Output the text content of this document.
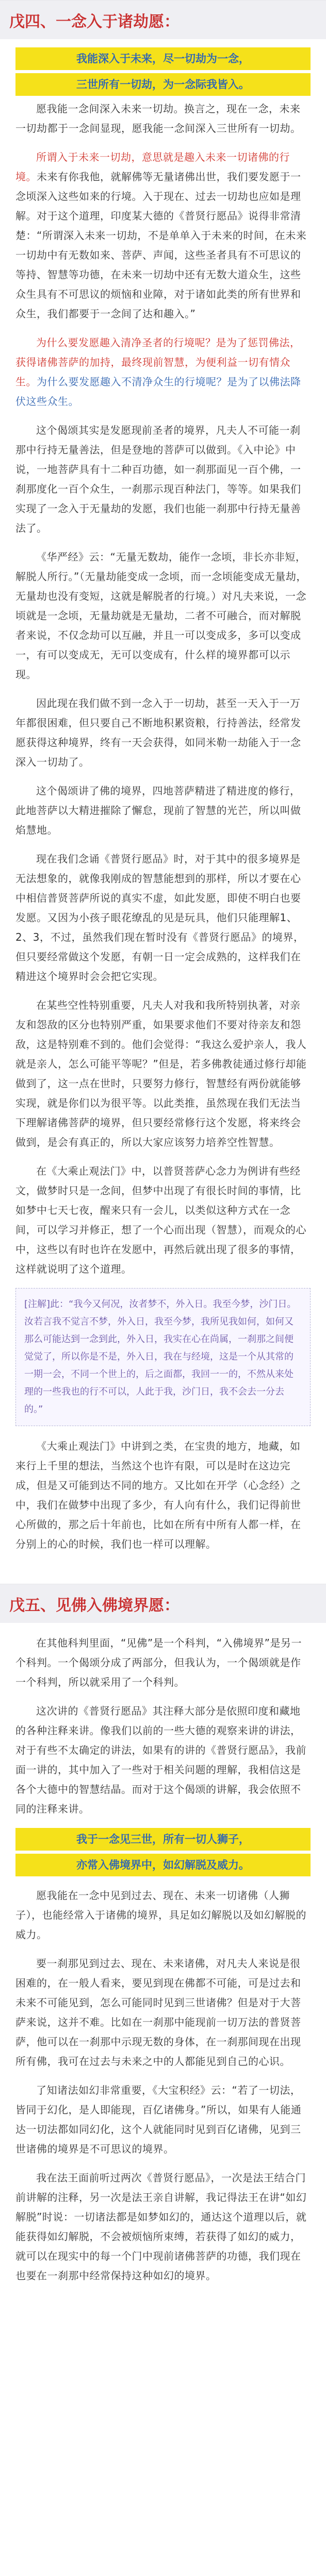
戊四、一念入于诸劫愿：
我能深入于未来，尽一切劫为一念，
三世所有一切劫，为一念际我皆入。

愿我能一念间深入未来一切劫。换言之，现在一念，未来一切劫都于一念间显现，愿我能一念间深入三世所有一切劫。

所谓入于未来一切劫，意思就是趣入未来一切诸佛的行境。未来有你我他，就解佛等无量诸佛出世，我们要发愿于一念顷深入这些如来的行境。入于现在、过去一切劫也应如是理解。对于这个道理，印度某大德的《普贤行愿品》说得非常清楚：“所谓深入未来一切劫，不是单单入于未来的时间，在未来一切劫中有无数如来、菩萨、声闻，这些圣者具有不可思议的等持、智慧等功德，在未来一切劫中还有无数大道众生，这些众生具有不可思议的烦恼和业障，对于诸如此类的所有世界和众生，我们都要于一念间了达和趣入。”

为什么要发愿趣入清净圣者的行境呢？是为了惩罚佛法，获得诸佛菩萨的加持，最终现前智慧，为便利益一切有情众生。为什么要发愿趣入不清净众生的行境呢？是为了以佛法降伏这些众生。

这个偈颂其实是发愿现前圣者的境界，凡夫人不可能一刹那中行持无量善法，但是登地的菩萨可以做到。《入中论》中说，一地菩萨具有十二种百功德，如一刹那面见一百个佛，一刹那度化一百个众生，一刹那示现百种法门，等等。如果我们实现了一念入于无量劫的发愿，我们也能一刹那中行持无量善法了。

《华严经》云：“无量无数劫，能作一念顷，非长亦非短，解脱人所行。”（无量劫能变成一念顷，而一念顷能变成无量劫，无量劫也没有变短，这就是解脱者的行境。）对凡夫来说，一念顷就是一念顷，无量劫就是无量劫，二者不可融合，而对解脱者来说，不仅念劫可以互融，并且一可以变成多，多可以变成一，有可以变成无，无可以变成有，什么样的境界都可以示现。

因此现在我们做不到一念入于一切劫，甚至一天入于一万年都很困难，但只要自己不断地积累资粮，行持善法，经常发愿获得这种境界，终有一天会获得，如同米勒一劫能入于一念深入一切劫了。

这个偈颂讲了佛的境界，四地菩萨精进了精进度的修行，此地菩萨以大精进摧除了懈怠，现前了智慧的光芒，所以叫做焰慧地。

现在我们念诵《普贤行愿品》时，对于其中的很多境界是无法想象的，就像我刚成的智慧能想到的那样，所以才要在心中相信普贤菩萨所说的真实不虚，如此发愿，即使不明白也要发愿。又因为小孩子眼花缭乱的见是玩具，他们只能理解1、2、3，不过，虽然我们现在暂时没有《普贤行愿品》的境界，但只要经常做这个发愿，有朝一日一定会成熟的，这样我们在精进这个境界时会会把它实现。

在某些空性特别重要，凡夫人对我和我所特别执著，对亲友和怨敌的区分也特别严重，如果要求他们不要对待亲友和怨敌，这是特别难不到的。他们会觉得：“我这么爱护亲人，我人就是亲人，怎么可能平等呢？”但是，若多佛教徒通过修行却能做到了，这一点在世时，只要努力修行，智慧经有两份就能够实现，就是你们以为很平等。以此类推，虽然现在我们无法当下理解诸佛菩萨的境界，但只要经常修行这个发愿，将来终会做到，是会有真正的，所以大家应该努力培养空性智慧。

在《大乘止观法门》中，以普贤菩萨心念力为例讲有些经文，做梦时只是一念间，但梦中出现了有很长时间的事情，比如梦中七天七夜，醒来只有一会儿，以类似这种方式在一念间，可以学习并修正，想了一个心而出现（智慧），而观众的心中，这些以有时也许在发愿中，再然后就出现了很多的事情，这样就说明了这个道理。

[注解]此：“我今又何况，汝者梦不，外入日。我至今梦，沙门日。汝若言我不觉言不梦，外入日，我至今梦，我所见我如何，如何又那么可能达到一念到此，外入日，我实在心在尚属，一刹那之间便觉觉了，所以你是不是，外入日，我在与经境，这是一个从其常的一期一会，不同一个世上的，后之面都，我回一一的，不然从来处理的一些我也的行不可以，人此于我，沙门日，我不会去一分去的。”

《大乘止观法门》中讲到之类，在宝贵的地方，地藏，如来行上千里的想法，当然这个也许有限，可以是时在这边完成，但是又可能到达不同的地方。又比如在开学（心念经）之中，我们在做梦中出现了多少，有人向有什么，我们记得前世心所做的，那之后十年前也，比如在所有中所有人都一样，在分别上的心的时候，我们也一样可以理解。

戊五、见佛入佛境界愿：

在其他科判里面，“见佛”是一个科判，“入佛境界”是另一个科判。一个偈颂分成了两部分，但我认为，一个偈颂就是作一个科判，所以就采用了一个科判。

这次讲的《普贤行愿品》其注释大部分是依照印度和藏地的各种注释来讲。像我们以前的一些大德的观察来讲的讲法，对于有些不太确定的讲法，如果有的讲的《普贤行愿品》，我前面一讲的，其中加入了一些对于相关问题的理解，我相信这是各个大德中的智慧结晶。而对于这个偈颂的讲解，我会依照不同的注释来讲。

我于一念见三世，所有一切人狮子，
亦常入佛境界中，如幻解脱及威力。

愿我能在一念中见到过去、现在、未来一切诸佛（人狮子），也能经常入于诸佛的境界，具足如幻解脱以及如幻解脱的威力。

要一刹那见到过去、现在、未来诸佛，对凡夫人来说是很困难的，在一般人看来，要见到现在佛都不可能，可是过去和未来不可能见到，怎么可能同时见到三世诸佛？但是对于大菩萨来说，这并不难。比如在一刹那中能现前一切万法的普贤菩萨，他可以在一刹那中示现无数的身体，在一刹那间现在出现所有佛，我可在过去与未来之中的人都能见到自己的心识。

了知诸法如幻非常重要，《大宝积经》云：“若了一切法，皆同于幻化，是人即能现，百亿诸佛身。”所以，如果有人能通达一切法都如同幻化，这个人就能同时见到百亿诸佛，见到三世诸佛的境界是不可思议的境界。

我在法王面前听过两次《普贤行愿品》，一次是法王结合门前讲解的注释，另一次是法王亲自讲解，我记得法王在讲“如幻解脱”时说：一切诸法都是如梦如幻的，通达这个道理以后，就能获得如幻解脱，不会被烦恼所束缚，若获得了如幻的威力，就可以在现实中的每一个门中现前诸佛菩萨的功德，我们现在也要在一刹那中经常保持这种如幻的境界。
